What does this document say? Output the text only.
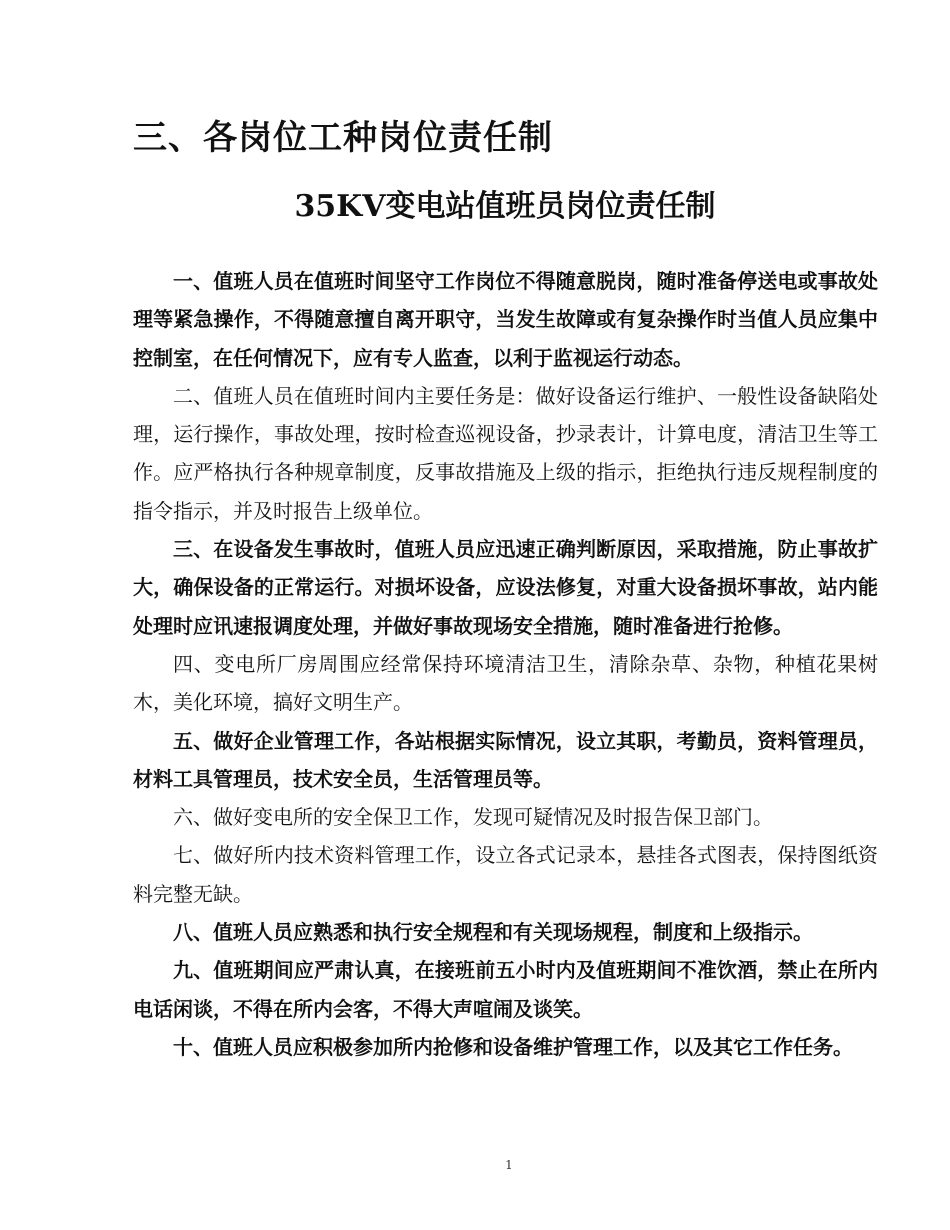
三、各岗位工种岗位责任制
35KV变电站值班员岗位责任制

一、值班人员在值班时间坚守工作岗位不得随意脱岗，随时准备停送电或事故处理等紧急操作，不得随意擅自离开职守，当发生故障或有复杂操作时当值人员应集中控制室，在任何情况下，应有专人监查，以利于监视运行动态。

二、值班人员在值班时间内主要任务是：做好设备运行维护、一般性设备缺陷处理，运行操作，事故处理，按时检查巡视设备，抄录表计，计算电度，清洁卫生等工作。应严格执行各种规章制度，反事故措施及上级的指示，拒绝执行违反规程制度的指令指示，并及时报告上级单位。

三、在设备发生事故时，值班人员应迅速正确判断原因，采取措施，防止事故扩大，确保设备的正常运行。对损坏设备，应设法修复，对重大设备损坏事故，站内能处理时应讯速报调度处理，并做好事故现场安全措施，随时准备进行抢修。

四、变电所厂房周围应经常保持环境清洁卫生，清除杂草、杂物，种植花果树木，美化环境，搞好文明生产。

五、做好企业管理工作，各站根据实际情况，设立其职，考勤员，资料管理员，材料工具管理员，技术安全员，生活管理员等。

六、做好变电所的安全保卫工作，发现可疑情况及时报告保卫部门。

七、做好所内技术资料管理工作，设立各式记录本，悬挂各式图表，保持图纸资料完整无缺。

八、值班人员应熟悉和执行安全规程和有关现场规程，制度和上级指示。

九、值班期间应严肃认真，在接班前五小时内及值班期间不准饮酒，禁止在所内电话闲谈，不得在所内会客，不得大声喧闹及谈笑。

十、值班人员应积极参加所内抢修和设备维护管理工作，以及其它工作任务。

1
